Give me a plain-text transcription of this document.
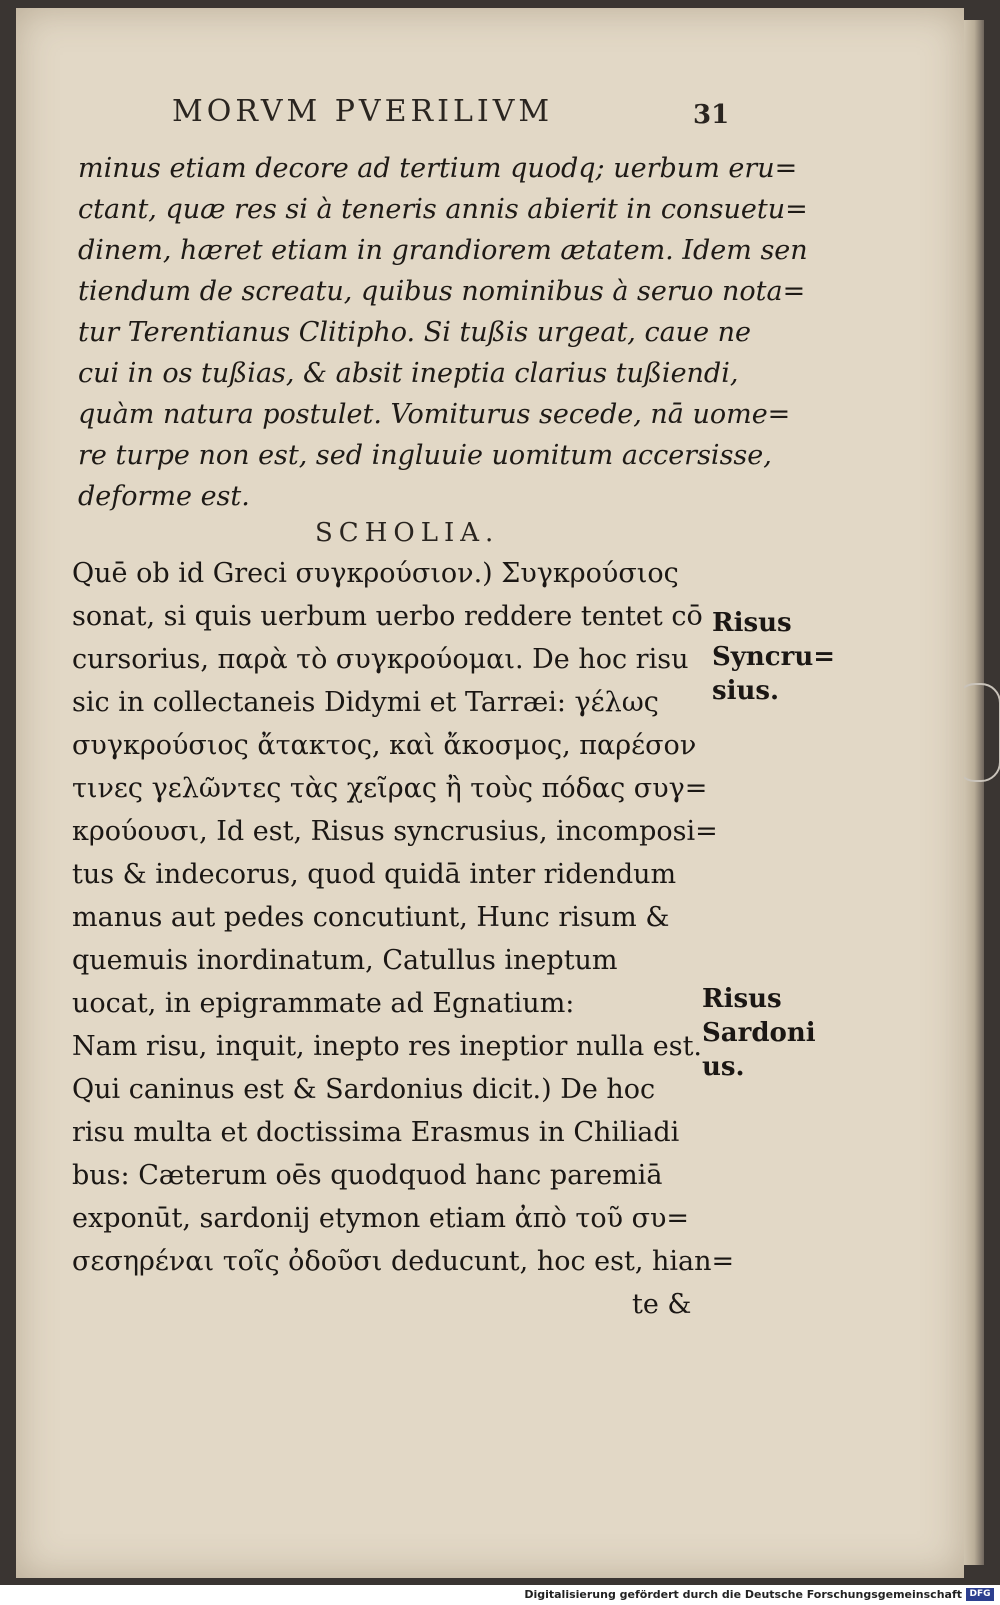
MORVM PVERILIVM	31
minus etiam decore ad tertium quodq; uerbum eru=
ctant, quæ res si à teneris annis abierit in consuetu=
dinem, hæret etiam in grandiorem ætatem. Idem sen
tiendum de screatu, quibus nominibus à seruo nota=
tur Terentianus Clitipho. Si tußis urgeat, caue ne
cui in os tußias, & absit ineptia clarius tußiendi,
quàm natura postulet. Vomiturus secede, nā uome=
re turpe non est, sed ingluuie uomitum accersisse,
deforme est.
SCHOLIA.
Quē ob id Greci συγκρούσιον.) Συγκρούσιος
sonat, si quis uerbum uerbo reddere tentet cō
cursorius, παρὰ τὸ συγκρούομαι. De hoc risu
sic in collectaneis Didymi et Tarræi: γέλως
συγκρούσιος ἄτακτος, καὶ ἄκοσμος, παρέσον
τινες γελῶντες τὰς χεῖρας ἢ τοὺς πόδας συγ=
κρούουσι, Id est, Risus syncrusius, incomposi=
tus & indecorus, quod quidā inter ridendum
manus aut pedes concutiunt, Hunc risum &
quemuis inordinatum, Catullus ineptum
uocat, in epigrammate ad Egnatium:
Nam risu, inquit, inepto res ineptior nulla est.
Qui caninus est & Sardonius dicit.) De hoc
risu multa et doctissima Erasmus in Chiliadi
bus: Cæterum oēs quodquod hanc paremiā
exponūt, sardonij etymon etiam ἀπὸ τοῦ συ=
σεσηρέναι τοῖς ὀδοῦσι deducunt, hoc est, hian=
te &
Risus
Syncru=
sius.
Risus
Sardoni
us.
Digitalisierung gefördert durch die Deutsche Forschungsgemeinschaft DFG
